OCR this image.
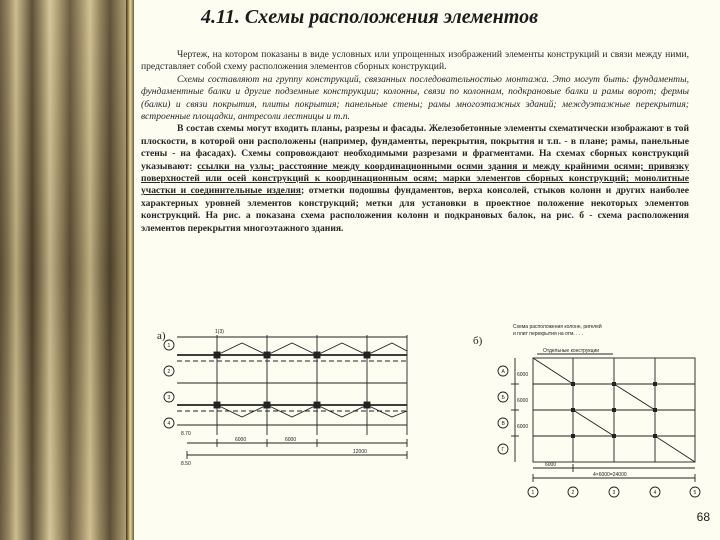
4.11. Схемы расположения элементов

Чертеж, на котором показаны в виде условных или упрощенных изображений элементы конструкций и связи между ними, представляет собой схему расположения элементов сборных конструкций.

Схемы составляют на группу конструкций, связанных последовательностью монтажа. Это могут быть: фундаменты, фундаментные балки и другие подземные конструкции; колонны, связи по колоннам, подкрановые балки и рамы ворот; фермы (балки) и связи покрытия, плиты покрытия; панельные стены; рамы многоэтажных зданий; междуэтажные перекрытия; встроенные площадки, антресоли лестницы и т.п.

В состав схемы могут входить планы, разрезы и фасады. Железобетонные элементы схематически изображают в той плоскости, в которой они расположены (например, фундаменты, перекрытия, покрытия и т.п. - в плане; рамы, панельные стены - на фасадах). Схемы сопровождают необходимыми разрезами и фрагментами. На схемах сборных конструкций указывают: ссылки на узлы; расстояние между координационными осями здания и между крайними осями; привязку поверхностей или осей конструкций к координационным осям; марки элементов сборных конструкций; монолитные участки и соединительные изделия; отметки подошвы фундаментов, верха консолей, стыков колонн и других наиболее характерных уровней элементов конструкций; метки для установки в проектное положение некоторых элементов конструкций. На рис. а показана схема расположения колонн и подкрановых балок, на рис. б - схема расположения элементов перекрытия многоэтажного здания.

а)	1(3)
1
2
3
4
6000	6000
12000
8.70
8.50
б)
Схема расположения колонн, ригелей
и плит перекрытия на отм. . . .
Отдельные конструкции
А
Б
В
Г
1	2	3	4	5
6000
4×6000=24000
6000
6000
6000
68
